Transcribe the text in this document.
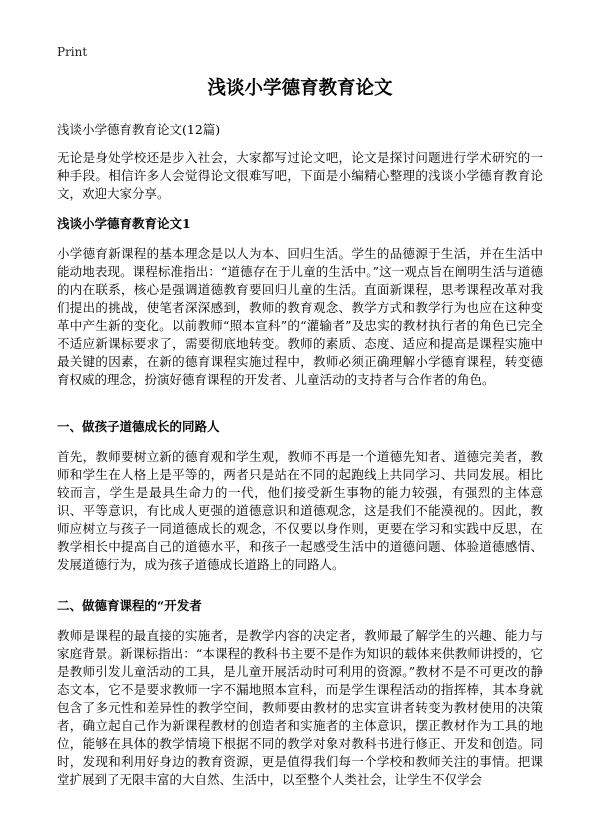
Print
浅谈小学德育教育论文
浅谈小学德育教育论文(12篇)

无论是身处学校还是步入社会，大家都写过论文吧，论文是探讨问题进行学术研究的一种手段。相信许多人会觉得论文很难写吧，下面是小编精心整理的浅谈小学德育教育论文，欢迎大家分享。

浅谈小学德育教育论文1

小学德育新课程的基本理念是以人为本、回归生活。学生的品德源于生活，并在生活中能动地表现。课程标准指出：“道德存在于儿童的生活中。”这一观点旨在阐明生活与道德的内在联系，核心是强调道德教育要回归儿童的生活。直面新课程，思考课程改革对我们提出的挑战，使笔者深深感到，教师的教育观念、教学方式和教学行为也应在这种变革中产生新的变化。以前教师“照本宣科”的“灌输者”及忠实的教材执行者的角色已完全不适应新课标要求了，需要彻底地转变。教师的素质、态度、适应和提高是课程实施中最关键的因素，在新的德育课程实施过程中，教师必须正确理解小学德育课程，转变德育权威的理念，扮演好德育课程的开发者、儿童活动的支持者与合作者的角色。

一、做孩子道德成长的同路人

首先，教师要树立新的德育观和学生观，教师不再是一个道德先知者、道德完美者，教师和学生在人格上是平等的，两者只是站在不同的起跑线上共同学习、共同发展。相比较而言，学生是最具生命力的一代，他们接受新生事物的能力较强，有强烈的主体意识、平等意识，有比成人更强的道德意识和道德观念，这是我们不能漠视的。因此，教师应树立与孩子一同道德成长的观念，不仅要以身作则，更要在学习和实践中反思，在教学相长中提高自己的道德水平，和孩子一起感受生活中的道德问题、体验道德感情、发展道德行为，成为孩子道德成长道路上的同路人。

二、做德育课程的“开发者

教师是课程的最直接的实施者，是教学内容的决定者，教师最了解学生的兴趣、能力与家庭背景。新课标指出：“本课程的教科书主要不是作为知识的载体来供教师讲授的，它是教师引发儿童活动的工具，是儿童开展活动时可利用的资源。”教材不是不可更改的静态文本，它不是要求教师一字不漏地照本宣科，而是学生课程活动的指挥棒，其本身就包含了多元性和差异性的教学空间，教师要由教材的忠实宣讲者转变为教材使用的决策者，确立起自己作为新课程教材的创造者和实施者的主体意识，摆正教材作为工具的地位，能够在具体的教学情境下根据不同的教学对象对教科书进行修正、开发和创造。同时，发现和利用好身边的教育资源，更是值得我们每一个学校和教师关注的事情。把课堂扩展到了无限丰富的大自然、生活中，以至整个人类社会，让学生不仅学会
